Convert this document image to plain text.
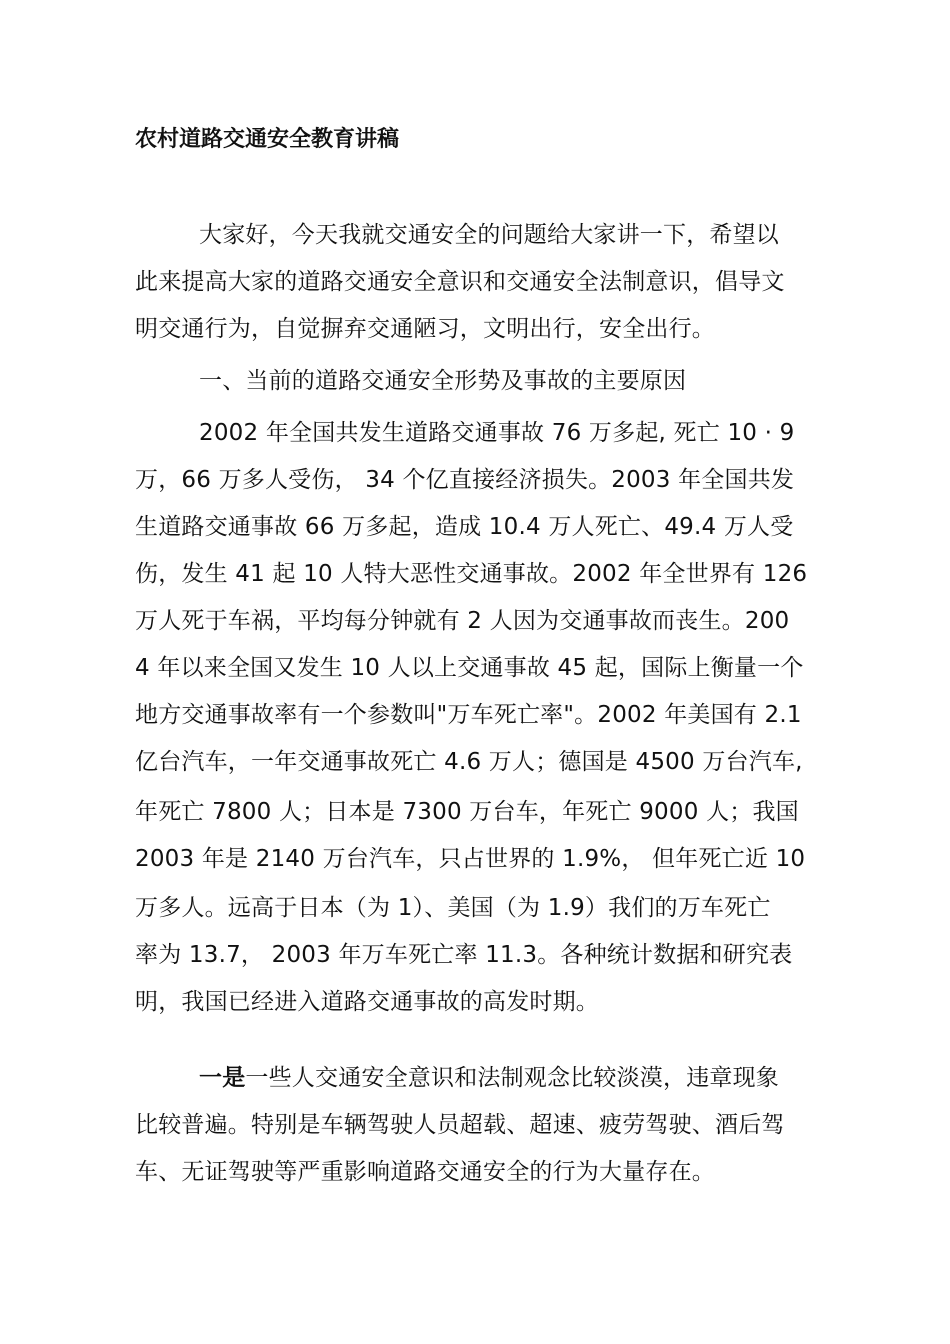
农村道路交通安全教育讲稿
大家好，今天我就交通安全的问题给大家讲一下，希望以
此来提高大家的道路交通安全意识和交通安全法制意识，倡导文
明交通行为，自觉摒弃交通陋习，文明出行，安全出行。
一、当前的道路交通安全形势及事故的主要原因
2002 年全国共发生道路交通事故 76 万多起, 死亡 10 · 9
万，66 万多人受伤， 34 个亿直接经济损失。2003 年全国共发
生道路交通事故 66 万多起，造成 10.4 万人死亡、49.4 万人受
伤，发生 41 起 10 人特大恶性交通事故。2002 年全世界有 126
万人死于车祸，平均每分钟就有 2 人因为交通事故而丧生。200
4 年以来全国又发生 10 人以上交通事故 45 起，国际上衡量一个
地方交通事故率有一个参数叫"万车死亡率"。2002 年美国有 2.1
亿台汽车，一年交通事故死亡 4.6 万人；德国是 4500 万台汽车,
年死亡 7800 人；日本是 7300 万台车，年死亡 9000 人；我国
2003 年是 2140 万台汽车，只占世界的 1.9%， 但年死亡近 10
万多人。远高于日本（为 1）、美国（为 1.9）我们的万车死亡
率为 13.7， 2003 年万车死亡率 11.3。各种统计数据和研究表
明，我国已经进入道路交通事故的高发时期。
一是一些人交通安全意识和法制观念比较淡漠，违章现象
比较普遍。特别是车辆驾驶人员超载、超速、疲劳驾驶、酒后驾
车、无证驾驶等严重影响道路交通安全的行为大量存在。
